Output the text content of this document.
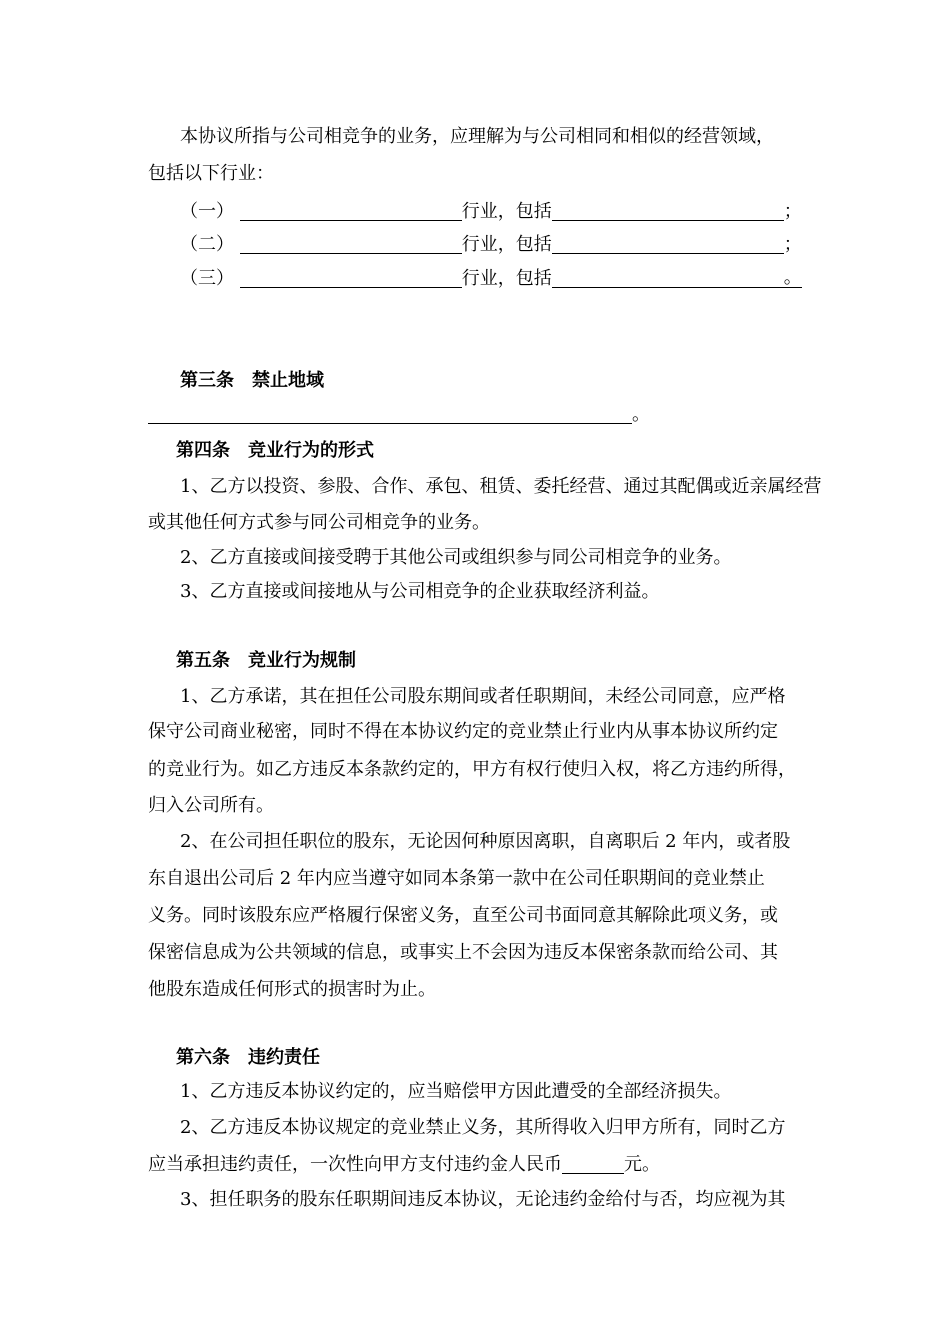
本协议所指与公司相竞争的业务，应理解为与公司相同和相似的经营领域，
包括以下行业：
（一）	行业，包括	；
（二）	行业，包括	；
（三）	行业，包括	。
第三条　禁止地域
。
第四条　竞业行为的形式
1、乙方以投资、参股、合作、承包、租赁、委托经营、通过其配偶或近亲属经营
或其他任何方式参与同公司相竞争的业务。
2、乙方直接或间接受聘于其他公司或组织参与同公司相竞争的业务。
3、乙方直接或间接地从与公司相竞争的企业获取经济利益。
第五条　竞业行为规制
1、乙方承诺，其在担任公司股东期间或者任职期间，未经公司同意，应严格
保守公司商业秘密，同时不得在本协议约定的竞业禁止行业内从事本协议所约定
的竞业行为。如乙方违反本条款约定的，甲方有权行使归入权，将乙方违约所得，
归入公司所有。
2、在公司担任职位的股东，无论因何种原因离职，自离职后 2 年内，或者股
东自退出公司后 2 年内应当遵守如同本条第一款中在公司任职期间的竞业禁止
义务。同时该股东应严格履行保密义务，直至公司书面同意其解除此项义务，或
保密信息成为公共领域的信息，或事实上不会因为违反本保密条款而给公司、其
他股东造成任何形式的损害时为止。
第六条　违约责任
1、乙方违反本协议约定的，应当赔偿甲方因此遭受的全部经济损失。
2、乙方违反本协议规定的竞业禁止义务，其所得收入归甲方所有，同时乙方
应当承担违约责任，一次性向甲方支付违约金人民币	元。
3、担任职务的股东任职期间违反本协议，无论违约金给付与否，均应视为其
